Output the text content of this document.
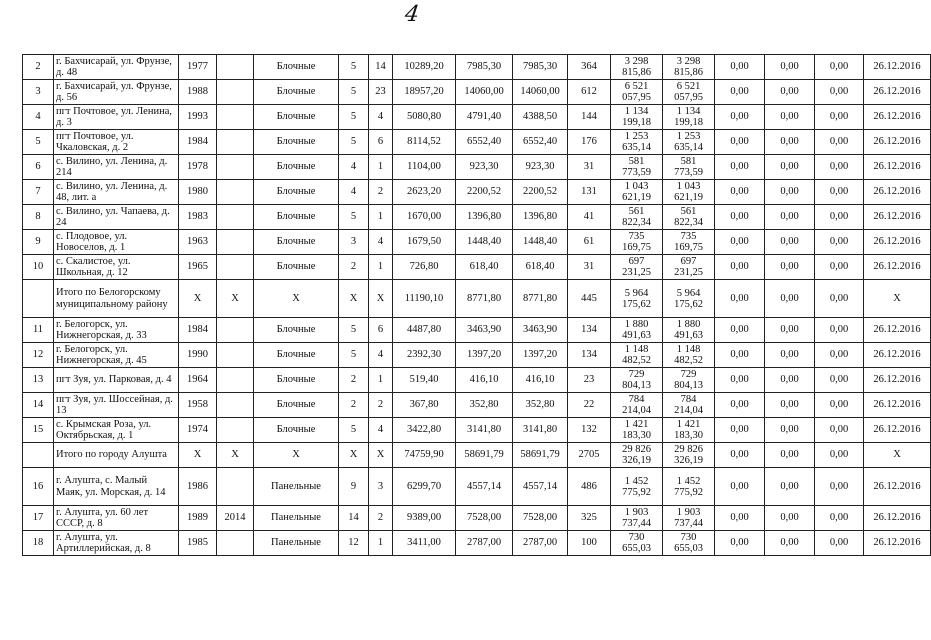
4
2	г. Бахчисарай, ул. Фрунзе, д. 48	1977		Блочные	5	14	10289,20	7985,30	7985,30	364	3 298
815,86	3 298
815,86	0,00	0,00	0,00	26.12.2016
3	г. Бахчисарай, ул. Фрунзе, д. 56	1988		Блочные	5	23	18957,20	14060,00	14060,00	612	6 521
057,95	6 521
057,95	0,00	0,00	0,00	26.12.2016
4	пгт Почтовое, ул. Ленина, д. 3	1993		Блочные	5	4	5080,80	4791,40	4388,50	144	1 134
199,18	1 134
199,18	0,00	0,00	0,00	26.12.2016
5	пгт Почтовое, ул. Чкаловская, д. 2	1984		Блочные	5	6	8114,52	6552,40	6552,40	176	1 253
635,14	1 253
635,14	0,00	0,00	0,00	26.12.2016
6	с. Вилино, ул. Ленина, д. 214	1978		Блочные	4	1	1104,00	923,30	923,30	31	581
773,59	581
773,59	0,00	0,00	0,00	26.12.2016
7	с. Вилино, ул. Ленина, д. 48, лит. а	1980		Блочные	4	2	2623,20	2200,52	2200,52	131	1 043
621,19	1 043
621,19	0,00	0,00	0,00	26.12.2016
8	с. Вилино, ул. Чапаева, д. 24	1983		Блочные	5	1	1670,00	1396,80	1396,80	41	561
822,34	561
822,34	0,00	0,00	0,00	26.12.2016
9	с. Плодовое, ул. Новоселов, д. 1	1963		Блочные	3	4	1679,50	1448,40	1448,40	61	735
169,75	735
169,75	0,00	0,00	0,00	26.12.2016
10	с. Скалистое, ул. Школьная, д. 12	1965		Блочные	2	1	726,80	618,40	618,40	31	697
231,25	697
231,25	0,00	0,00	0,00	26.12.2016
	Итого по Белогорскому муниципальному району	X	X	X	X	X	11190,10	8771,80	8771,80	445	5 964
175,62	5 964
175,62	0,00	0,00	0,00	X
11	г. Белогорск, ул. Нижнегорская, д. 33	1984		Блочные	5	6	4487,80	3463,90	3463,90	134	1 880
491,63	1 880
491,63	0,00	0,00	0,00	26.12.2016
12	г. Белогорск, ул. Нижнегорская, д. 45	1990		Блочные	5	4	2392,30	1397,20	1397,20	134	1 148
482,52	1 148
482,52	0,00	0,00	0,00	26.12.2016
13	пгт Зуя, ул. Парковая, д. 4	1964		Блочные	2	1	519,40	416,10	416,10	23	729
804,13	729
804,13	0,00	0,00	0,00	26.12.2016
14	пгт Зуя, ул. Шоссейная, д. 13	1958		Блочные	2	2	367,80	352,80	352,80	22	784
214,04	784
214,04	0,00	0,00	0,00	26.12.2016
15	с. Крымская Роза, ул. Октябрьская, д. 1	1974		Блочные	5	4	3422,80	3141,80	3141,80	132	1 421
183,30	1 421
183,30	0,00	0,00	0,00	26.12.2016
	Итого по городу Алушта	X	X	X	X	X	74759,90	58691,79	58691,79	2705	29 826
326,19	29 826
326,19	0,00	0,00	0,00	X
16	г. Алушта, с. Малый Маяк, ул. Морская, д. 14	1986		Панельные	9	3	6299,70	4557,14	4557,14	486	1 452
775,92	1 452
775,92	0,00	0,00	0,00	26.12.2016
17	г. Алушта, ул. 60 лет СССР, д. 8	1989	2014	Панельные	14	2	9389,00	7528,00	7528,00	325	1 903
737,44	1 903
737,44	0,00	0,00	0,00	26.12.2016
18	г. Алушта, ул. Артиллерийская, д. 8	1985		Панельные	12	1	3411,00	2787,00	2787,00	100	730
655,03	730
655,03	0,00	0,00	0,00	26.12.2016
